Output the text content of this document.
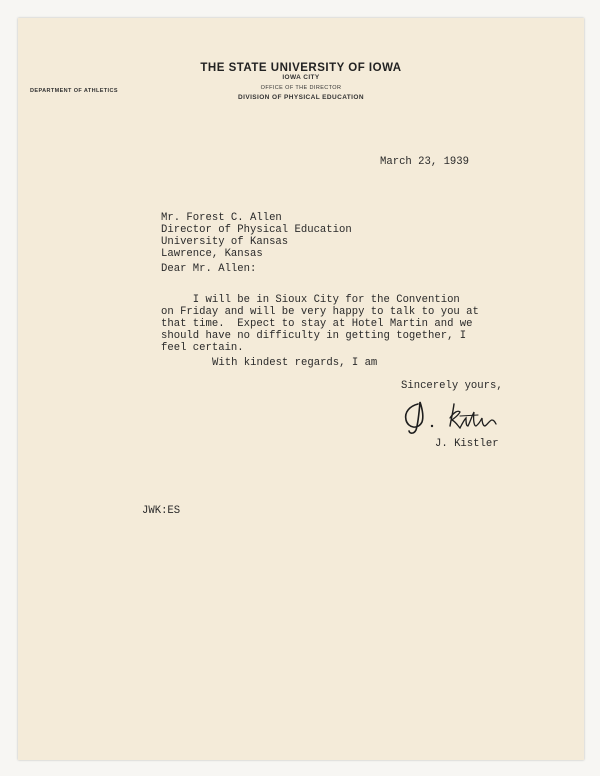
THE STATE UNIVERSITY OF IOWA
IOWA CITY
OFFICE OF THE DIRECTOR
DIVISION OF PHYSICAL EDUCATION
DEPARTMENT OF ATHLETICS
March 23, 1939
Mr. Forest C. Allen
Director of Physical Education
University of Kansas
Lawrence, Kansas
Dear Mr. Allen:
I will be in Sioux City for the Convention
on Friday and will be very happy to talk to you at
that time.  Expect to stay at Hotel Martin and we
should have no difficulty in getting together, I
feel certain.
With kindest regards, I am
Sincerely yours,
J. Kistler
JWK:ES
